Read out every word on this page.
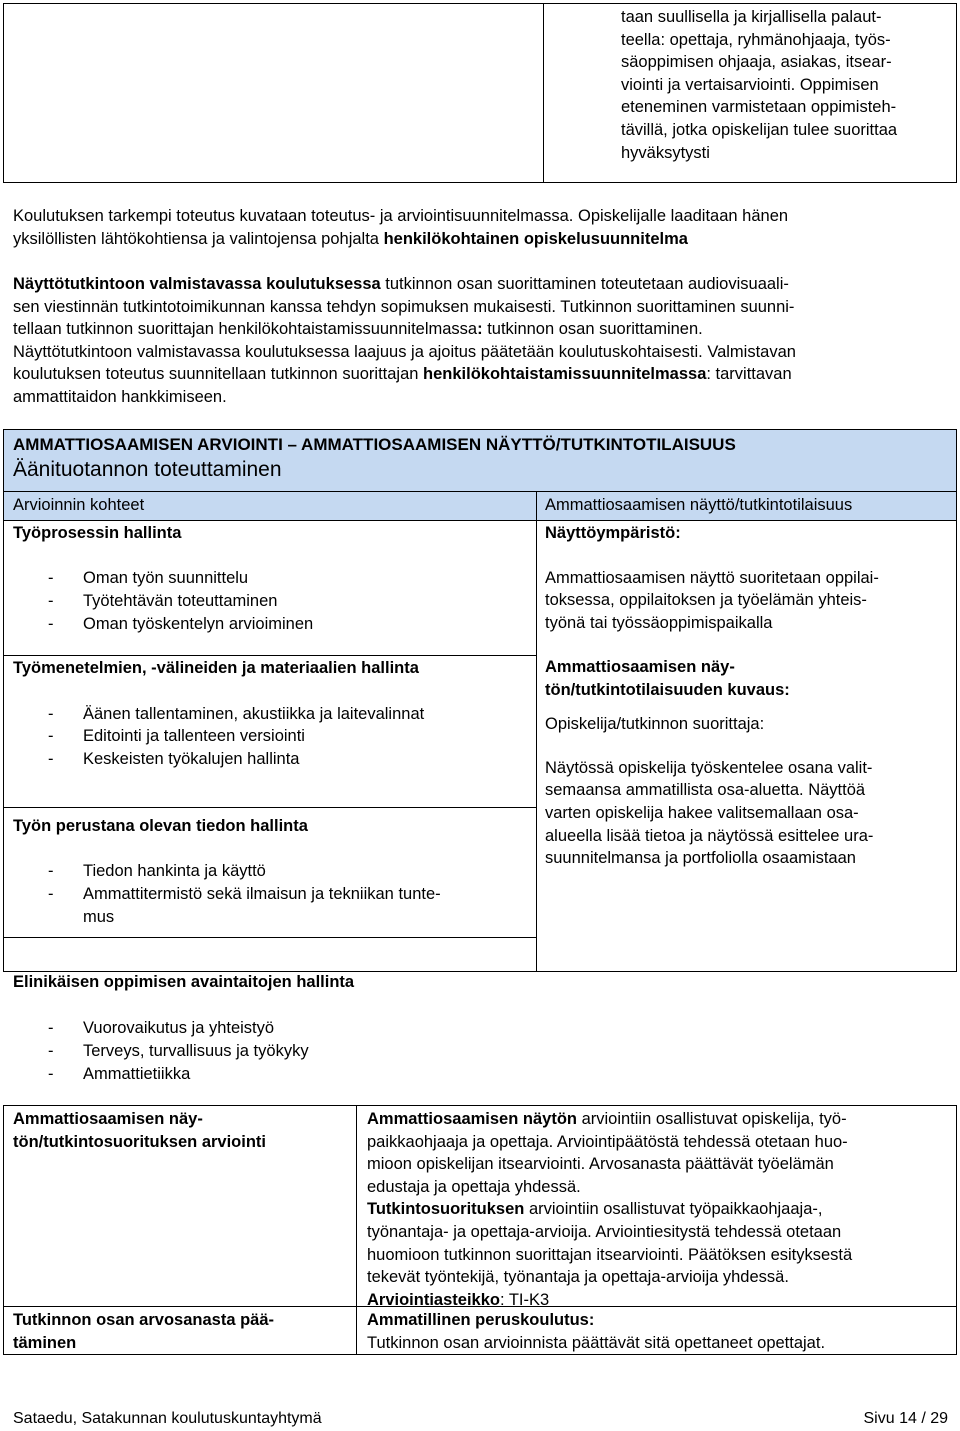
taan suullisella ja kirjallisella palaut-
teella: opettaja, ryhmänohjaaja, työs-
säoppimisen ohjaaja, asiakas, itsear-
viointi ja vertaisarviointi. Oppimisen
eteneminen varmistetaan oppimisteh-
tävillä, jotka opiskelijan tulee suorittaa
hyväksytysti
Koulutuksen tarkempi toteutus kuvataan toteutus- ja arviointisuunnitelmassa. Opiskelijalle laaditaan hänen
yksilöllisten lähtökohtiensa ja valintojensa pohjalta henkilökohtainen opiskelusuunnitelma
Näyttötutkintoon valmistavassa koulutuksessa tutkinnon osan suorittaminen toteutetaan audiovisuaali-
sen viestinnän tutkintotoimikunnan kanssa tehdyn sopimuksen mukaisesti. Tutkinnon suorittaminen suunni-
tellaan tutkinnon suorittajan henkilökohtaistamissuunnitelmassa: tutkinnon osan suorittaminen.
Näyttötutkintoon valmistavassa koulutuksessa laajuus ja ajoitus päätetään koulutuskohtaisesti. Valmistavan
koulutuksen toteutus suunnitellaan tutkinnon suorittajan henkilökohtaistamissuunnitelmassa: tarvittavan
ammattitaidon hankkimiseen.
AMMATTIOSAAMISEN ARVIOINTI – AMMATTIOSAAMISEN NÄYTTÖ/TUTKINTOTILAISUUS
Äänituotannon toteuttaminen
Arvioinnin kohteet	Ammattiosaamisen näyttö/tutkintotilaisuus
Työprosessin hallinta
- Oman työn suunnittelu
- Työtehtävän toteuttaminen
- Oman työskentelyn arvioiminen
Työmenetelmien, -välineiden ja materiaalien hallinta
- Äänen tallentaminen, akustiikka ja laitevalinnat
- Editointi ja tallenteen versiointi
- Keskeisten työkalujen hallinta
Työn perustana olevan tiedon hallinta
- Tiedon hankinta ja käyttö
- Ammattitermistö sekä ilmaisun ja tekniikan tunte-
mus
Elinikäisen oppimisen avaintaitojen hallinta
- Vuorovaikutus ja yhteistyö
- Terveys, turvallisuus ja työkyky
- Ammattietiikka
Näyttöympäristö:
Ammattiosaamisen näyttö suoritetaan oppilai-
toksessa, oppilaitoksen ja työelämän yhteis-
työnä tai työssäoppimispaikalla
Ammattiosaamisen näy-
tön/tutkintotilaisuuden kuvaus:
Opiskelija/tutkinnon suorittaja:
Näytössä opiskelija työskentelee osana valit-
semaansa ammatillista osa-aluetta. Näyttöä
varten opiskelija hakee valitsemallaan osa-
alueella lisää tietoa ja näytössä esittelee ura-
suunnitelmansa ja portfoliolla osaamistaan
Ammattiosaamisen näy-
tön/tutkintosuorituksen arviointi
Ammattiosaamisen näytön arviointiin osallistuvat opiskelija, työ-
paikkaohjaaja ja opettaja. Arviointipäätöstä tehdessä otetaan huo-
mioon opiskelijan itsearviointi. Arvosanasta päättävät työelämän
edustaja ja opettaja yhdessä.
Tutkintosuorituksen arviointiin osallistuvat työpaikkaohjaaja-,
työnantaja- ja opettaja-arvioija. Arviointiesitystä tehdessä otetaan
huomioon tutkinnon suorittajan itsearviointi. Päätöksen esityksestä
tekevät työntekijä, työnantaja ja opettaja-arvioija yhdessä.
Arviointiasteikko: TI-K3
Tutkinnon osan arvosanasta pää-
täminen
Ammatillinen peruskoulutus:
Tutkinnon osan arvioinnista päättävät sitä opettaneet opettajat.
Sataedu, Satakunnan koulutuskuntayhtymä	Sivu 14 / 29
